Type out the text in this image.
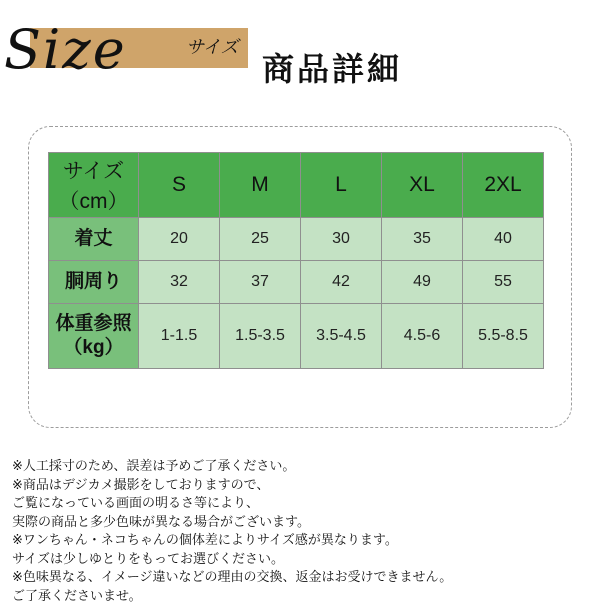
Size	サイズ
商品詳細
サイズ
（cm）	S	M	L	XL	2XL
着丈	20	25	30	35	40
胴周り	32	37	42	49	55

体重参照
（kg）	1-1.5	1.5-3.5	3.5-4.5	4.5-6	5.5-8.5
※人工採寸のため、誤差は予めご了承ください。
※商品はデジカメ撮影をしておりますので、
ご覧になっている画面の明るさ等により、
実際の商品と多少色味が異なる場合がございます。
※ワンちゃん・ネコちゃんの個体差によりサイズ感が異なります。
サイズは少しゆとりをもってお選びください。
※色味異なる、イメージ違いなどの理由の交換、返金はお受けできません。
ご了承くださいませ。
